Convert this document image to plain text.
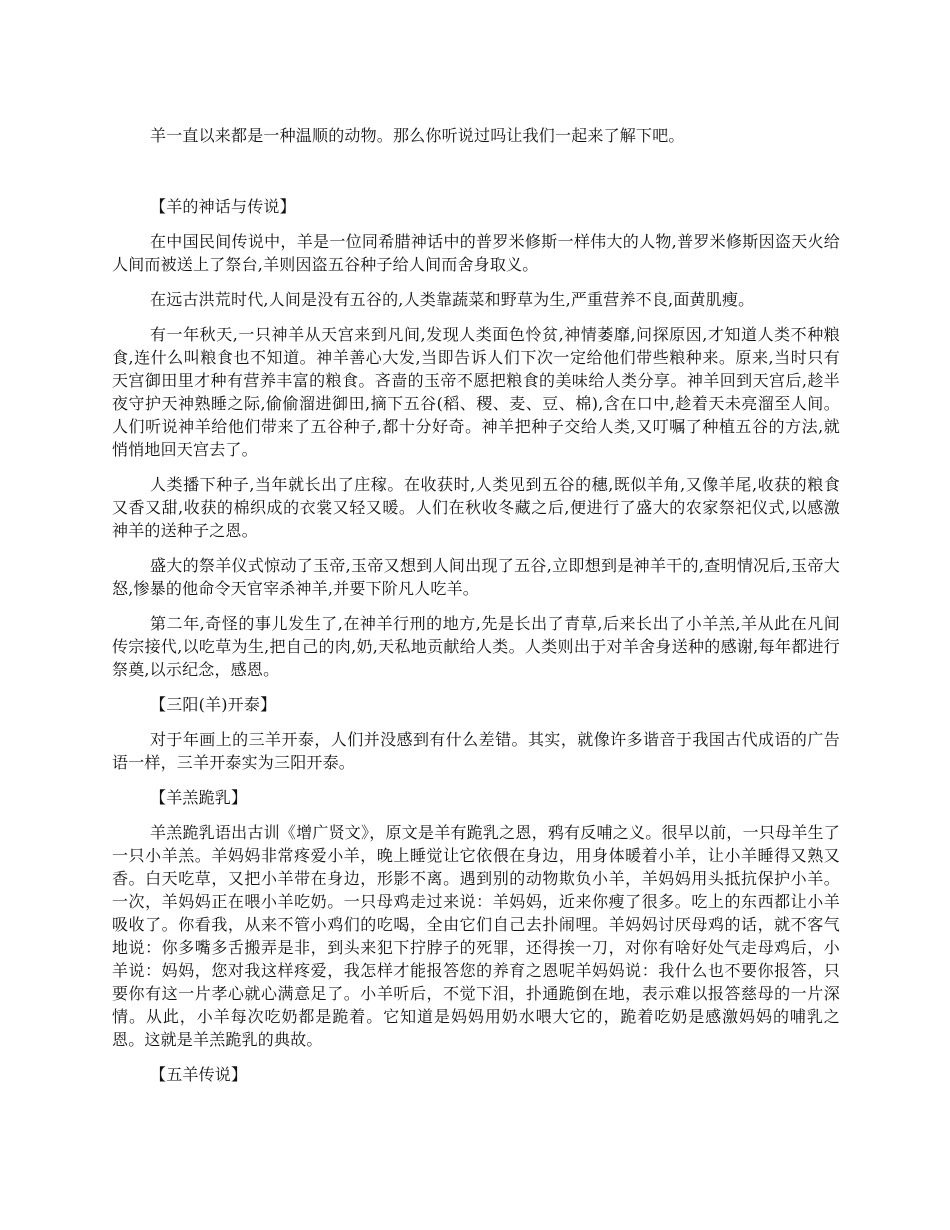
羊一直以来都是一种温顺的动物。那么你听说过吗让我们一起来了解下吧。

【羊的神话与传说】

在中国民间传说中，羊是一位同希腊神话中的普罗米修斯一样伟大的人物,普罗米修斯因盗天火给人间而被送上了祭台,羊则因盗五谷种子给人间而舍身取义。

在远古洪荒时代,人间是没有五谷的,人类靠蔬菜和野草为生,严重营养不良,面黄肌瘦。

有一年秋天,一只神羊从天宫来到凡间,发现人类面色怜贫,神情萎靡,问探原因,才知道人类不种粮食,连什么叫粮食也不知道。神羊善心大发,当即告诉人们下次一定给他们带些粮种来。原来,当时只有天宫御田里才种有营养丰富的粮食。吝啬的玉帝不愿把粮食的美味给人类分享。神羊回到天宫后,趁半夜守护天神熟睡之际,偷偷溜进御田,摘下五谷(稻、稷、麦、豆、棉),含在口中,趁着天未亮溜至人间。人们听说神羊给他们带来了五谷种子,都十分好奇。神羊把种子交给人类,又叮嘱了种植五谷的方法,就悄悄地回天宫去了。

人类播下种子,当年就长出了庄稼。在收获时,人类见到五谷的穗,既似羊角,又像羊尾,收获的粮食又香又甜,收获的棉织成的衣裳又轻又暖。人们在秋收冬藏之后,便进行了盛大的农家祭祀仪式,以感激神羊的送种子之恩。

盛大的祭羊仪式惊动了玉帝,玉帝又想到人间出现了五谷,立即想到是神羊干的,查明情况后,玉帝大怒,惨暴的他命令天官宰杀神羊,并要下阶凡人吃羊。

第二年,奇怪的事儿发生了,在神羊行刑的地方,先是长出了青草,后来长出了小羊羔,羊从此在凡间传宗接代,以吃草为生,把自己的肉,奶,天私地贡献给人类。人类则出于对羊舍身送种的感谢,每年都进行祭奠,以示纪念，感恩。

【三阳(羊)开泰】

对于年画上的三羊开泰，人们并没感到有什么差错。其实，就像许多谐音于我国古代成语的广告语一样，三羊开泰实为三阳开泰。

【羊羔跪乳】

羊羔跪乳语出古训《增广贤文》，原文是羊有跪乳之恩，鸦有反哺之义。很早以前，一只母羊生了一只小羊羔。羊妈妈非常疼爱小羊，晚上睡觉让它依偎在身边，用身体暖着小羊，让小羊睡得又熟又香。白天吃草，又把小羊带在身边，形影不离。遇到别的动物欺负小羊，羊妈妈用头抵抗保护小羊。一次，羊妈妈正在喂小羊吃奶。一只母鸡走过来说：羊妈妈，近来你瘦了很多。吃上的东西都让小羊吸收了。你看我，从来不管小鸡们的吃喝，全由它们自己去扑闹哩。羊妈妈讨厌母鸡的话，就不客气地说：你多嘴多舌搬弄是非，到头来犯下拧脖子的死罪，还得挨一刀，对你有啥好处气走母鸡后，小羊说：妈妈，您对我这样疼爱，我怎样才能报答您的养育之恩呢羊妈妈说：我什么也不要你报答，只要你有这一片孝心就心满意足了。小羊听后，不觉下泪，扑通跪倒在地，表示难以报答慈母的一片深情。从此，小羊每次吃奶都是跪着。它知道是妈妈用奶水喂大它的，跪着吃奶是感激妈妈的哺乳之恩。这就是羊羔跪乳的典故。

【五羊传说】
